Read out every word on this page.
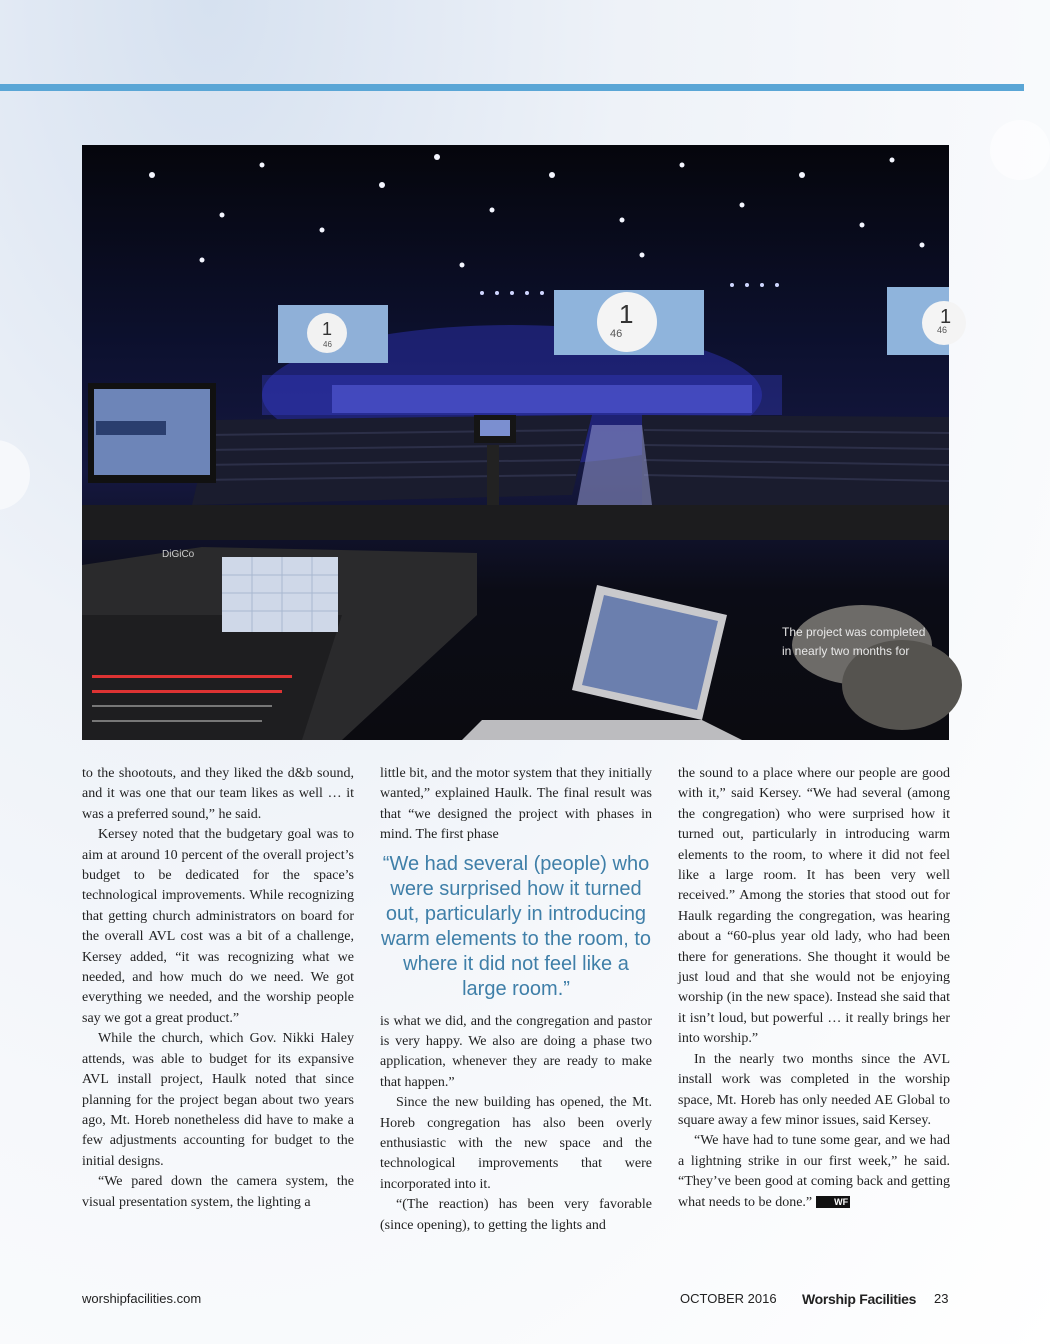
1
46
1
46
1
46
DiGiCo
The project was completed in nearly two months for

to the shootouts, and they liked the d&b sound, and it was one that our team likes as well … it was a preferred sound,” he said.

Kersey noted that the budgetary goal was to aim at around 10 percent of the overall project’s budget to be dedicated for the space’s technological improvements. While recognizing that getting church administrators on board for the overall AVL cost was a bit of a challenge, Kersey added, “it was recognizing what we needed, and how much do we need. We got everything we needed, and the worship people say we got a great product.”

While the church, which Gov. Nikki Haley attends, was able to budget for its expansive AVL install project, Haulk noted that since planning for the project began about two years ago, Mt. Horeb nonetheless did have to make a few adjustments accounting for budget to the initial designs.

“We pared down the camera system, the visual presentation system, the lighting a

little bit, and the motor system that they initially wanted,” explained Haulk. The final result was that “we designed the project with phases in mind. The first phase

“We had several (people) who were surprised how it turned out, particularly in introducing warm elements to the room, to where it did not feel like a large room.”

is what we did, and the congregation and pastor is very happy. We also are doing a phase two application, whenever they are ready to make that happen.”

Since the new building has opened, the Mt. Horeb congregation has also been overly enthusiastic with the new space and the technological improvements that were incorporated into it.

“(The reaction) has been very favorable (since opening), to getting the lights and

the sound to a place where our people are good with it,” said Kersey. “We had several (among the congregation) who were surprised how it turned out, particularly in introducing warm elements to the room, to where it did not feel like a large room. It has been very well received.” Among the stories that stood out for Haulk regarding the congregation, was hearing about a “60-plus year old lady, who had been there for generations. She thought it would be just loud and that she would not be enjoying worship (in the new space). Instead she said that it isn’t loud, but powerful … it really brings her into worship.”

In the nearly two months since the AVL install work was completed in the worship space, Mt. Horeb has only needed AE Global to square away a few minor issues, said Kersey.

“We have had to tune some gear, and we had a lightning strike in our first week,” he said. “They’ve been good at coming back and getting what needs to be done.” WF

worshipfacilities.com	OCTOBER 2016 Worship Facilities 23
